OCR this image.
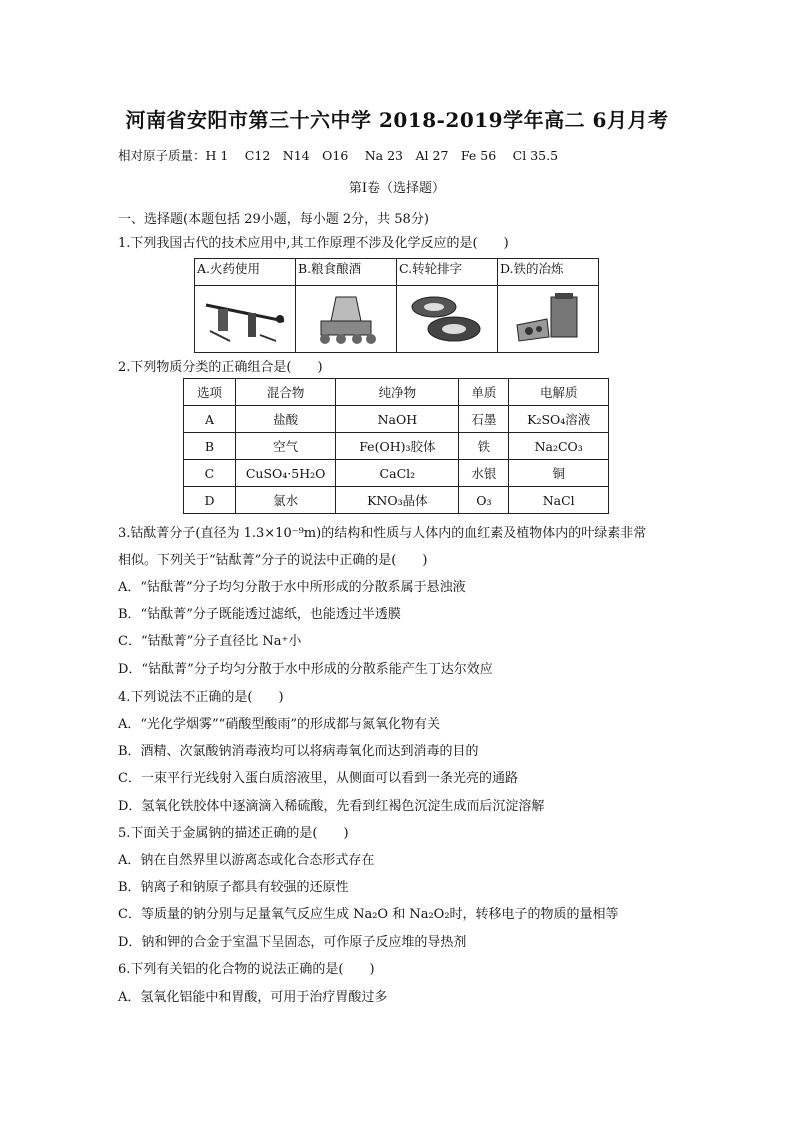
河南省安阳市第三十六中学 2018-2019学年高二 6月月考
相对原子质量：H 1　 C12　N14　O16　 Na 23　Al 27　Fe 56　 Cl 35.5
第Ⅰ卷（选择题）
一、选择题(本题包括 29小题，每小题 2分，共 58分)
1.下列我国古代的技术应用中,其工作原理不涉及化学反应的是(　　)
A.火药使用	B.粮食酿酒	C.转轮排字	D.铁的冶炼

2.下列物质分类的正确组合是(　　)
选项	混合物	纯净物	单质	电解质
A	盐酸	NaOH	石墨	K₂SO₄溶液
B	空气	Fe(OH)₃胶体	铁	Na₂CO₃
C	CuSO₄·5H₂O	CaCl₂	水银	铜
D	氯水	KNO₃晶体	O₃	NaCl
3.钴酞菁分子(直径为 1.3×10⁻⁹m)的结构和性质与人体内的血红素及植物体内的叶绿素非常
相似。下列关于“钴酞菁”分子的说法中正确的是(　　)
A．“钴酞菁”分子均匀分散于水中所形成的分散系属于悬浊液
B．“钴酞菁”分子既能透过滤纸，也能透过半透膜
C．“钴酞菁”分子直径比 Na⁺小
D．“钴酞菁”分子均匀分散于水中形成的分散系能产生丁达尔效应
4.下列说法不正确的是(　　)
A．“光化学烟雾”“硝酸型酸雨”的形成都与氮氧化物有关
B．酒精、次氯酸钠消毒液均可以将病毒氧化而达到消毒的目的
C．一束平行光线射入蛋白质溶液里，从侧面可以看到一条光亮的通路
D．氢氧化铁胶体中逐滴滴入稀硫酸，先看到红褐色沉淀生成而后沉淀溶解
5.下面关于金属钠的描述正确的是(　　)
A．钠在自然界里以游离态或化合态形式存在
B．钠离子和钠原子都具有较强的还原性
C．等质量的钠分别与足量氧气反应生成 Na₂O 和 Na₂O₂时，转移电子的物质的量相等
D．钠和钾的合金于室温下呈固态，可作原子反应堆的导热剂
6.下列有关铝的化合物的说法正确的是(　　)
A．氢氧化铝能中和胃酸，可用于治疗胃酸过多
